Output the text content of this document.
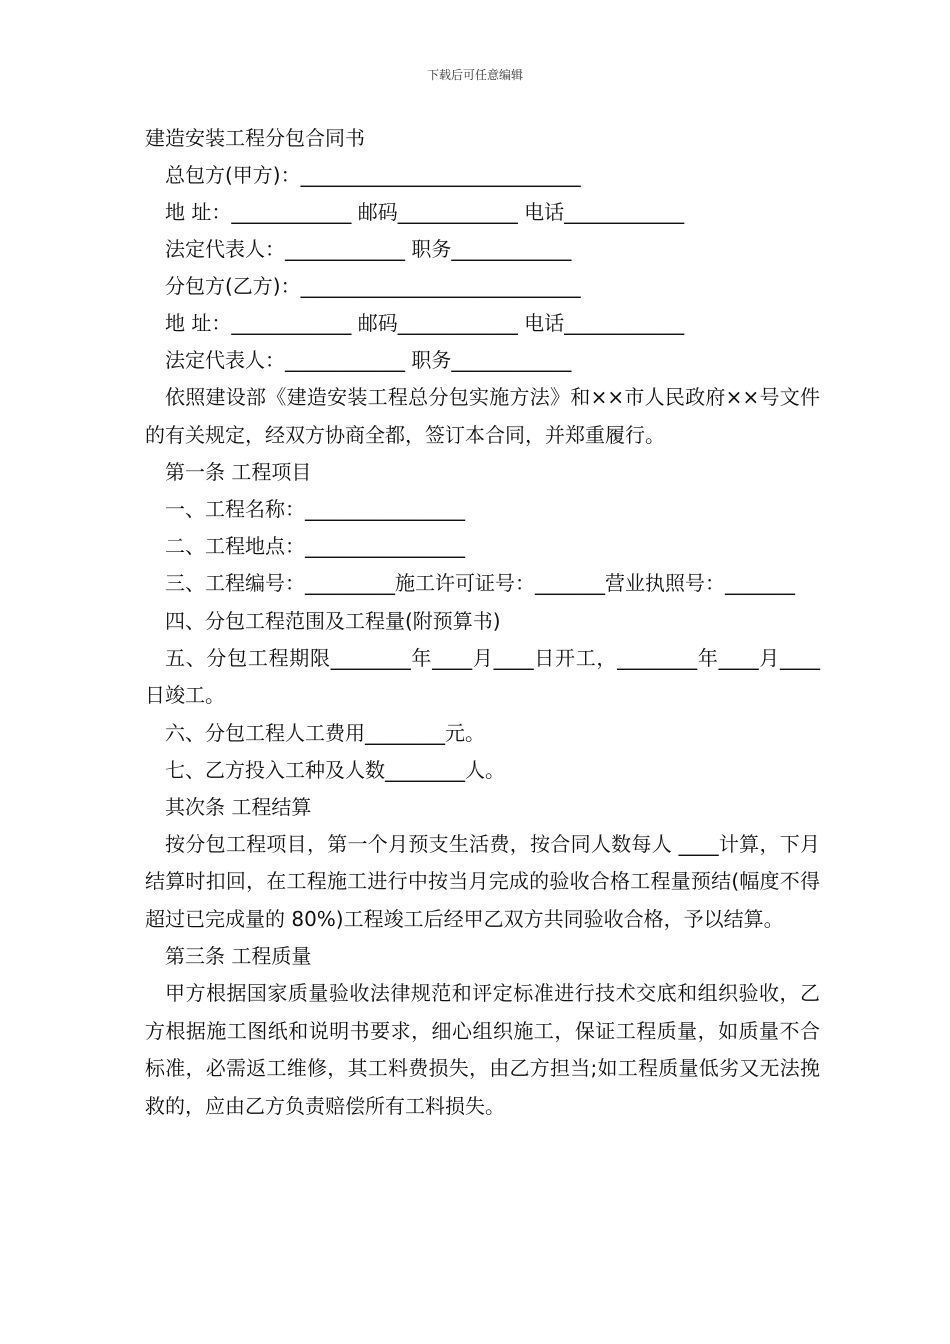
下载后可任意编辑
建造安装工程分包合同书
总包方(甲方)：____________________________
地 址：____________ 邮码____________ 电话____________
法定代表人：____________ 职务____________
分包方(乙方)：____________________________
地 址：____________ 邮码____________ 电话____________
法定代表人：____________ 职务____________
依照建设部《建造安装工程总分包实施方法》和××市人民政府××号文件的有关规定，经双方协商全都，签订本合同，并郑重履行。
第一条 工程项目
一、工程名称：________________
二、工程地点：________________
三、工程编号：_________施工许可证号：_______营业执照号：_______
四、分包工程范围及工程量(附预算书)
五、分包工程期限________年____月____日开工，________年____月____日竣工。
六、分包工程人工费用________元。
七、乙方投入工种及人数________人。
其次条 工程结算
按分包工程项目，第一个月预支生活费，按合同人数每人 ____计算，下月结算时扣回，在工程施工进行中按当月完成的验收合格工程量预结(幅度不得超过已完成量的 80%)工程竣工后经甲乙双方共同验收合格，予以结算。
第三条 工程质量
甲方根据国家质量验收法律规范和评定标准进行技术交底和组织验收，乙方根据施工图纸和说明书要求，细心组织施工，保证工程质量，如质量不合标准，必需返工维修，其工料费损失，由乙方担当;如工程质量低劣又无法挽救的，应由乙方负责赔偿所有工料损失。
